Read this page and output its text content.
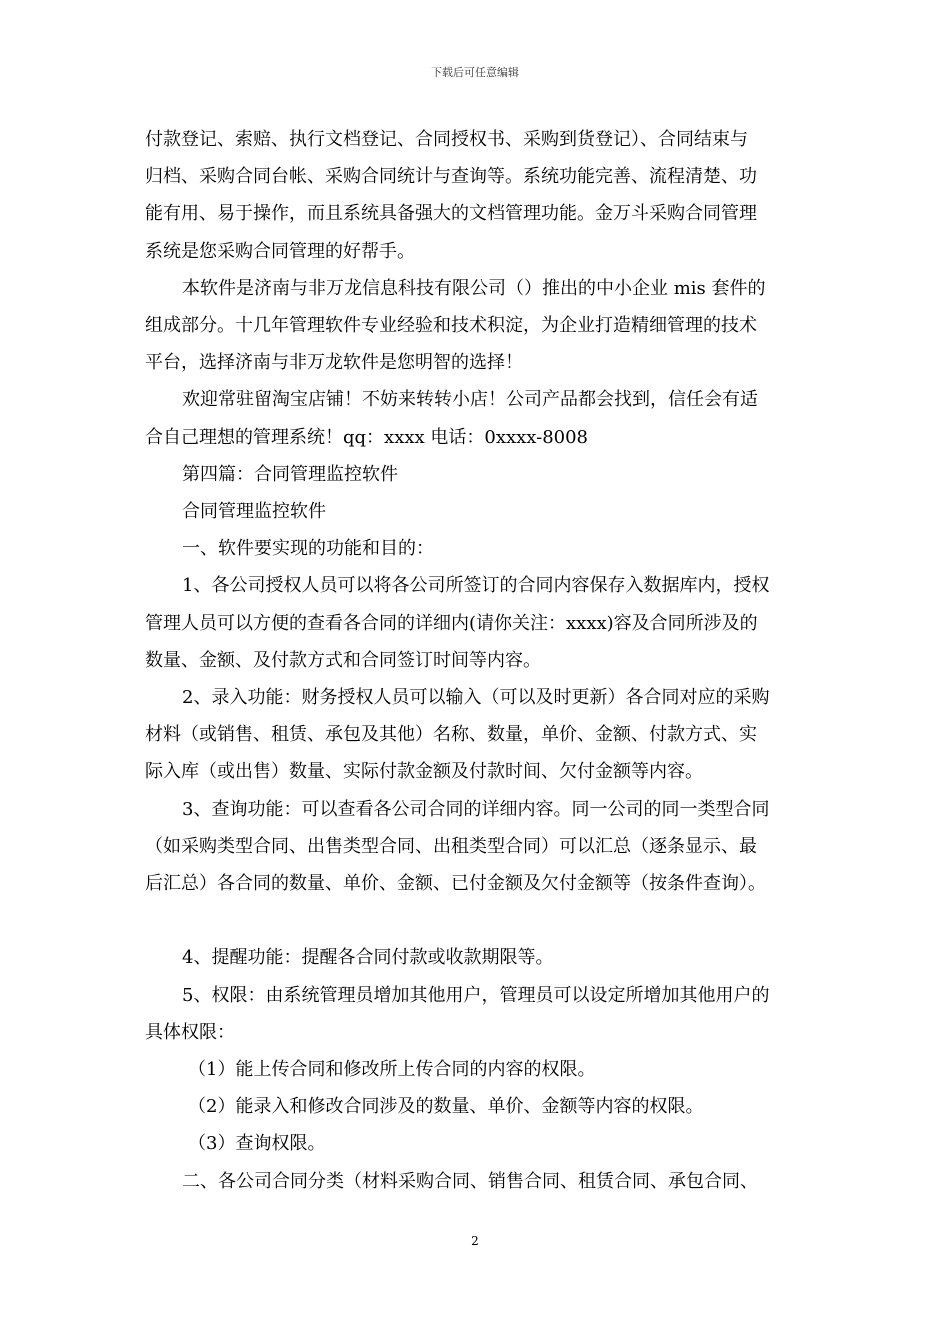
下载后可任意编辑

付款登记、索赔、执行文档登记、合同授权书、采购到货登记）、合同结束与

归档、采购合同台帐、采购合同统计与查询等。系统功能完善、流程清楚、功

能有用、易于操作，而且系统具备强大的文档管理功能。金万斗采购合同管理

系统是您采购合同管理的好帮手。

本软件是济南与非万龙信息科技有限公司（）推出的中小企业 mis 套件的

组成部分。十几年管理软件专业经验和技术积淀，为企业打造精细管理的技术

平台，选择济南与非万龙软件是您明智的选择！

欢迎常驻留淘宝店铺！不妨来转转小店！公司产品都会找到，信任会有适

合自己理想的管理系统！qq：xxxx 电话：0xxxx-8008

第四篇：合同管理监控软件

合同管理监控软件

一、软件要实现的功能和目的：

1、各公司授权人员可以将各公司所签订的合同内容保存入数据库内，授权

管理人员可以方便的查看各合同的详细内(请你关注：xxxx)容及合同所涉及的

数量、金额、及付款方式和合同签订时间等内容。

2、录入功能：财务授权人员可以输入（可以及时更新）各合同对应的采购

材料（或销售、租赁、承包及其他）名称、数量，单价、金额、付款方式、实

际入库（或出售）数量、实际付款金额及付款时间、欠付金额等内容。

3、查询功能：可以查看各公司合同的详细内容。同一公司的同一类型合同

（如采购类型合同、出售类型合同、出租类型合同）可以汇总（逐条显示、最

后汇总）各合同的数量、单价、金额、已付金额及欠付金额等（按条件查询）。

4、提醒功能：提醒各合同付款或收款期限等。

5、权限：由系统管理员增加其他用户，管理员可以设定所增加其他用户的

具体权限：

（1）能上传合同和修改所上传合同的内容的权限。

（2）能录入和修改合同涉及的数量、单价、金额等内容的权限。

（3）查询权限。

二、各公司合同分类（材料采购合同、销售合同、租赁合同、承包合同、

2
